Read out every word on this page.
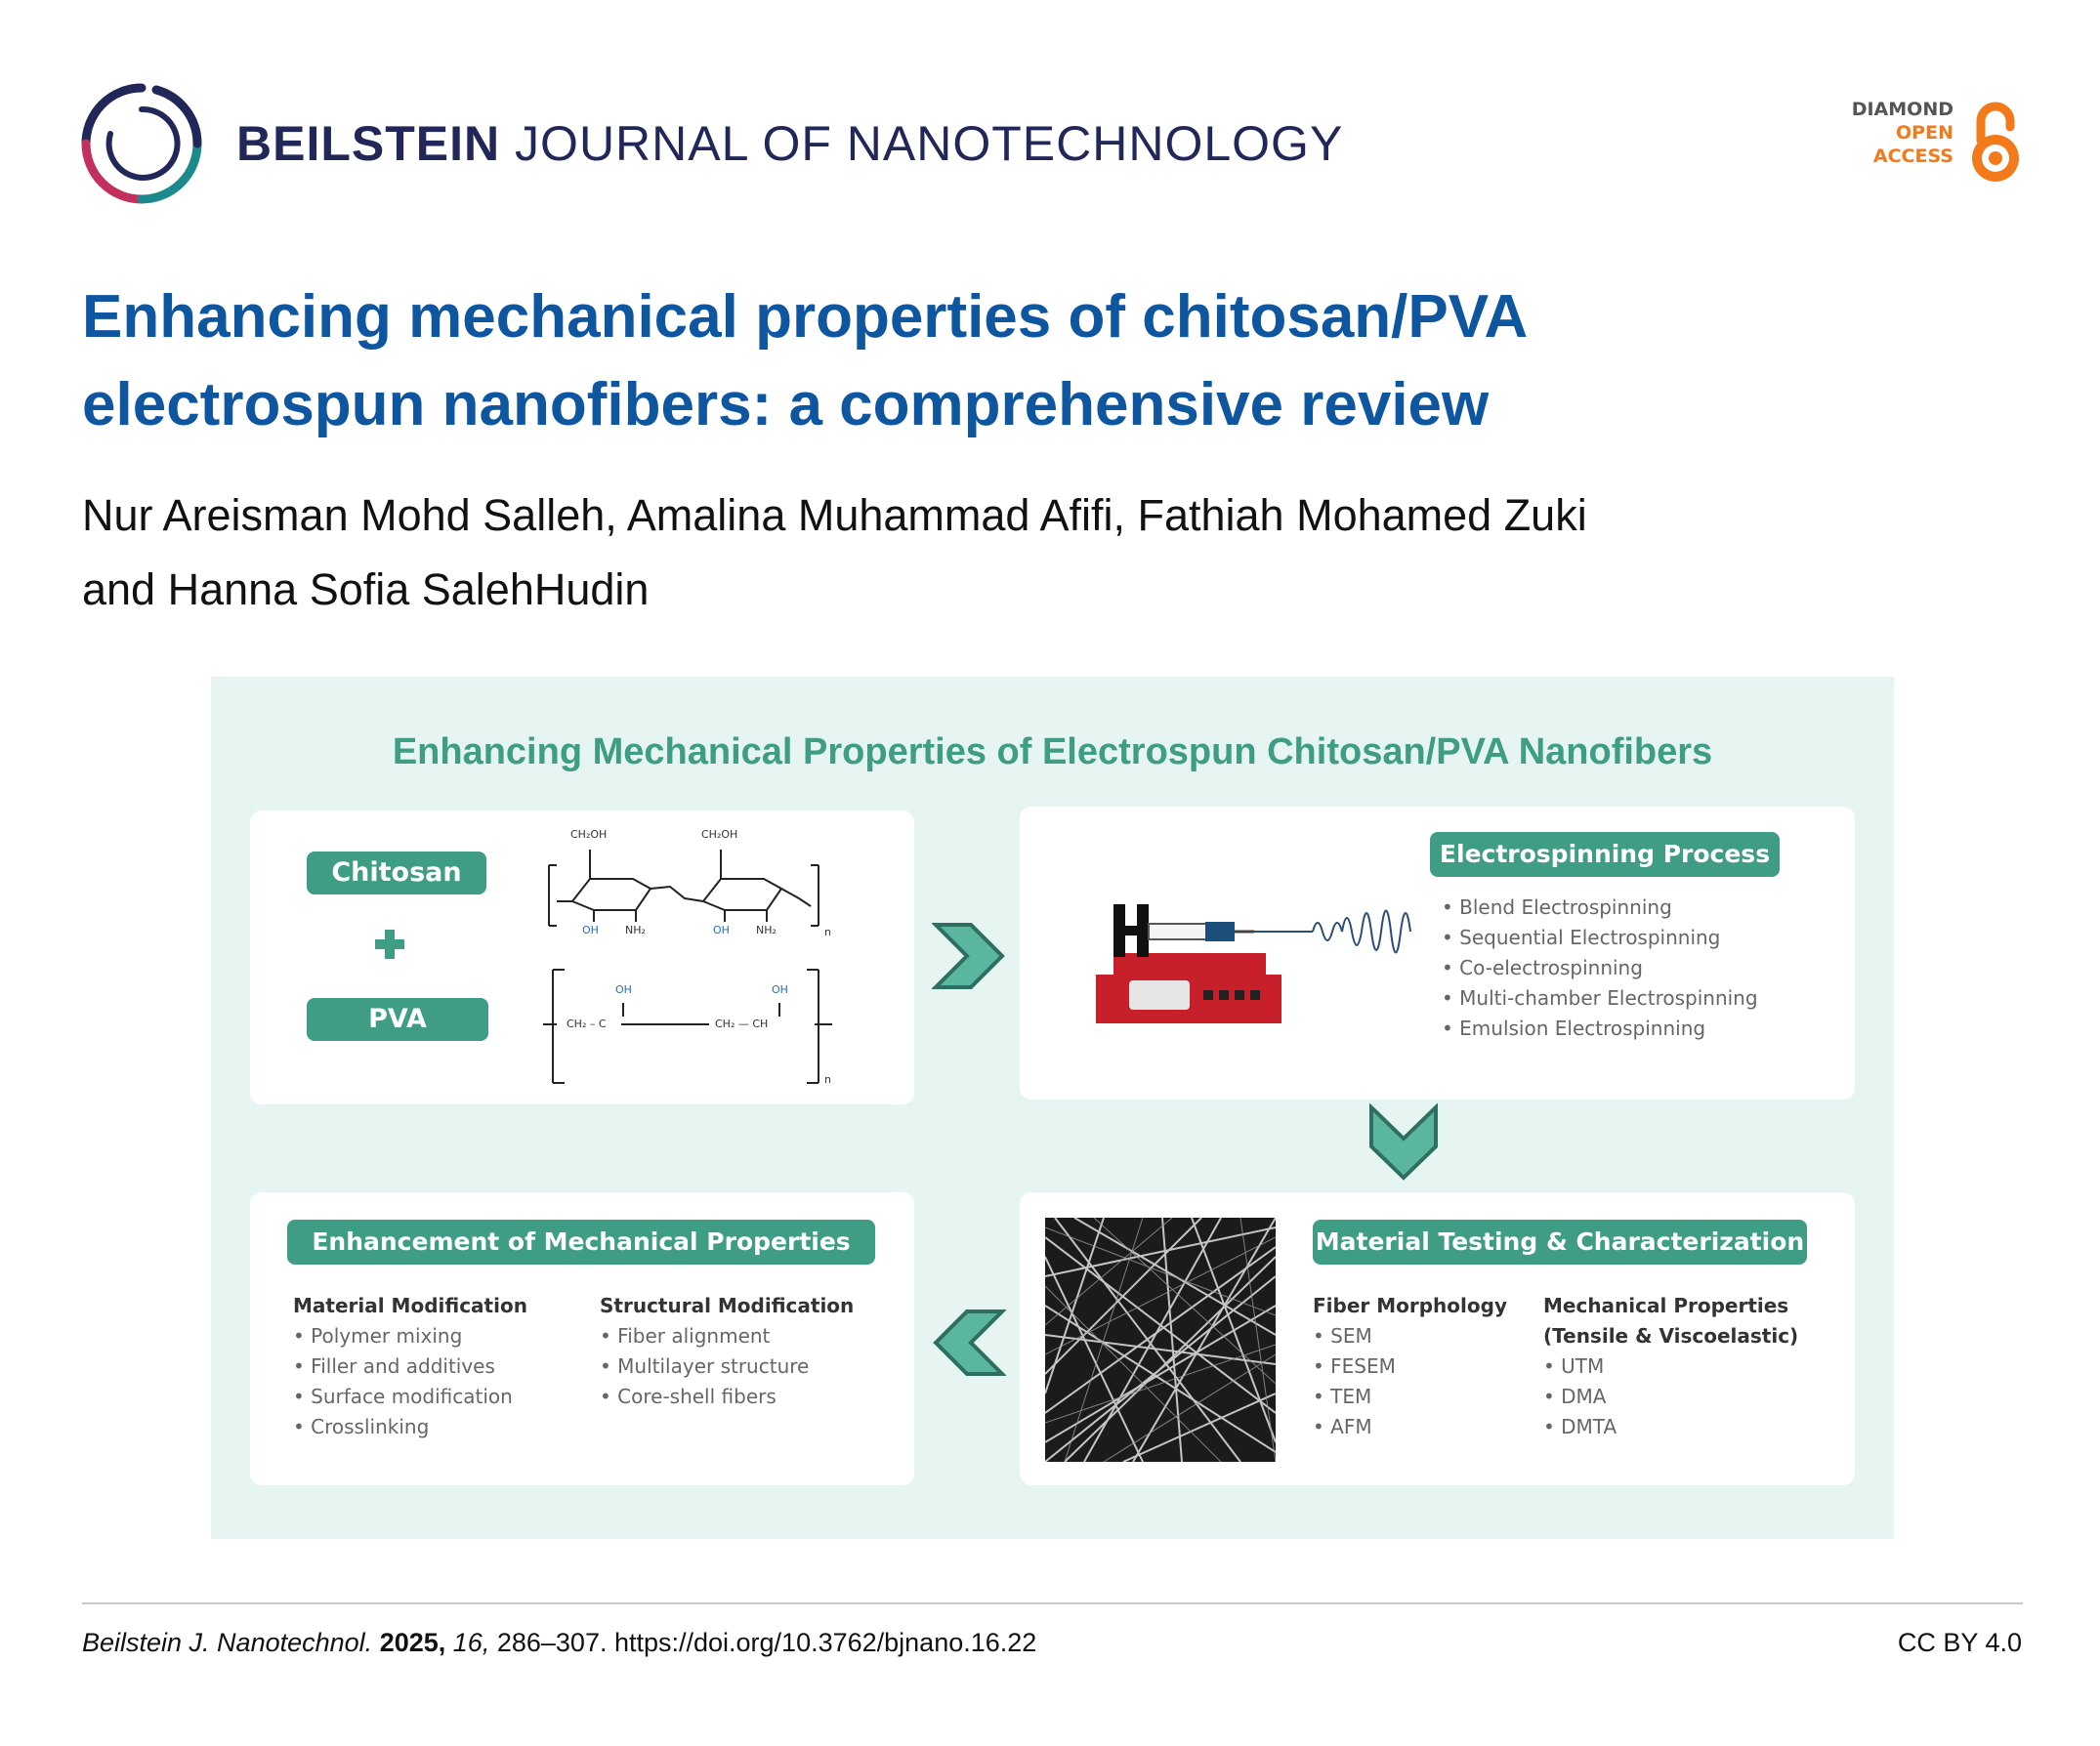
BEILSTEIN JOURNAL OF NANOTECHNOLOGY
DIAMOND
OPEN
ACCESS
Enhancing mechanical properties of chitosan/PVA
electrospun nanofibers: a comprehensive review
Nur Areisman Mohd Salleh, Amalina Muhammad Afifi, Fathiah Mohamed Zuki
and Hanna Sofia SalehHudin
Enhancing Mechanical Properties of Electrospun Chitosan/PVA Nanofibers
Chitosan
PVA
CH₂OH	CH₂OH
OH NH₂	OH NH₂	n
OH	OH
CH₂ – C	CH₂ — CH
n
Electrospinning Process
• Blend Electrospinning
• Sequential Electrospinning
• Co-electrospinning
• Multi-chamber Electrospinning
• Emulsion Electrospinning
Enhancement of Mechanical Properties
Material Modification
• Polymer mixing
• Filler and additives
• Surface modification
• Crosslinking
Structural Modification
• Fiber alignment
• Multilayer structure
• Core-shell fibers
Material Testing & Characterization
Fiber Morphology
• SEM
• FESEM
• TEM
• AFM
Mechanical Properties
(Tensile & Viscoelastic)
• UTM
• DMA
• DMTA
Beilstein J. Nanotechnol. 2025, 16, 286–307. https://doi.org/10.3762/bjnano.16.22	CC BY 4.0
